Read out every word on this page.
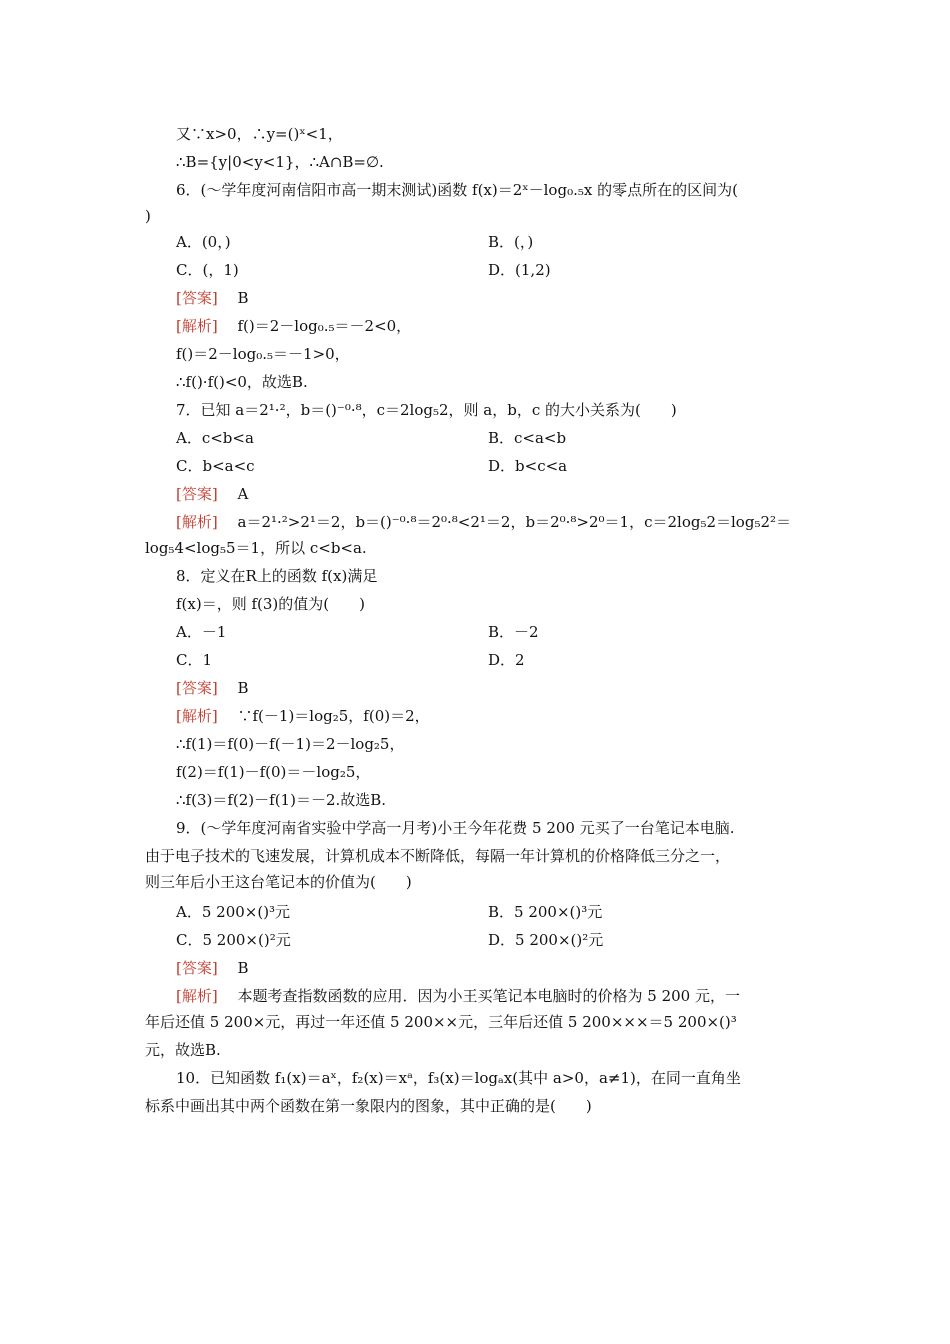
又∵x>0，∴y=()ˣ<1，
∴B={y|0<y<1}，∴A∩B=∅.
6．(～学年度河南信阳市高一期末测试)函数 f(x)＝2ˣ－log₀.₅x 的零点所在的区间为(
)
A．(0，)	B．(，)
C．(，1)	D．(1,2)
[答案]　 B
[解析]　 f()＝2－log₀.₅＝－2<0，
f()＝2－log₀.₅＝－1>0，
∴f()·f()<0，故选B.
7．已知 a＝2¹·²，b＝()⁻⁰·⁸，c＝2log₅2，则 a，b，c 的大小关系为(　　)
A．c<b<a	B．c<a<b
C．b<a<c	D．b<c<a
[答案]　 A
[解析]　 a＝2¹·²>2¹＝2，b＝()⁻⁰·⁸＝2⁰·⁸<2¹＝2，b＝2⁰·⁸>2⁰＝1，c＝2log₅2＝log₅2²＝
log₅4<log₅5＝1，所以 c<b<a.
8．定义在R上的函数 f(x)满足
f(x)＝，则 f(3)的值为(　　)
A．－1	B．－2
C．1	D．2
[答案]　 B
[解析]　 ∵f(－1)＝log₂5，f(0)＝2，
∴f(1)＝f(0)－f(－1)＝2－log₂5，
f(2)＝f(1)－f(0)＝－log₂5，
∴f(3)＝f(2)－f(1)＝－2.故选B.
9．(～学年度河南省实验中学高一月考)小王今年花费 5 200 元买了一台笔记本电脑.
由于电子技术的飞速发展，计算机成本不断降低，每隔一年计算机的价格降低三分之一，
则三年后小王这台笔记本的价值为(　　)
A．5 200×()³元	B．5 200×()³元
C．5 200×()²元	D．5 200×()²元
[答案]　 B
[解析]　 本题考查指数函数的应用．因为小王买笔记本电脑时的价格为 5 200 元，一
年后还值 5 200×元，再过一年还值 5 200××元，三年后还值 5 200×××＝5 200×()³
元，故选B.
10．已知函数 f₁(x)＝aˣ，f₂(x)＝xᵃ，f₃(x)＝logₐx(其中 a>0，a≠1)，在同一直角坐
标系中画出其中两个函数在第一象限内的图象，其中正确的是(　　)
